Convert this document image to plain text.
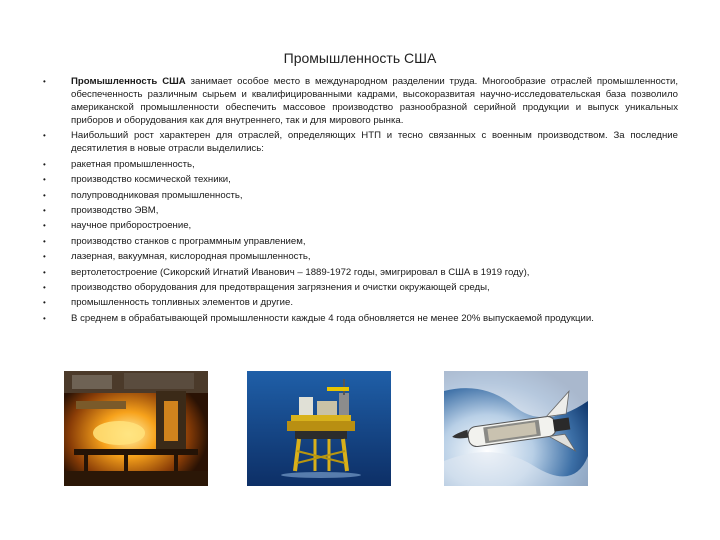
Промышленность США
• Промышленность США занимает особое место в международном разделении труда. Многообразие отраслей промышленности, обеспеченность различным сырьем и квалифицированными кадрами, высокоразвитая научно-исследовательская база позволило американской промышленности обеспечить массовое производство разнообразной серийной продукции и выпуск уникальных приборов и оборудования как для внутреннего, так и для мирового рынка.
• Наибольший рост характерен для отраслей, определяющих НТП и тесно связанных с военным производством. За последние десятилетия в новые отрасли выделились:
• ракетная промышленность,
• производство космической техники,
• полупроводниковая промышленность,
• производство ЭВМ,
• научное приборостроение,
• производство станков с программным управлением,
• лазерная, вакуумная, кислородная промышленность,
• вертолетостроение (Сикорский Игнатий Иванович – 1889-1972 годы, эмигрировал в США в 1919 году),
• производство оборудования для предотвращения загрязнения и очистки окружающей среды,
• промышленность топливных элементов и другие.
• В среднем в обрабатывающей промышленности каждые 4 года обновляется не менее 20% выпускаемой продукции.
